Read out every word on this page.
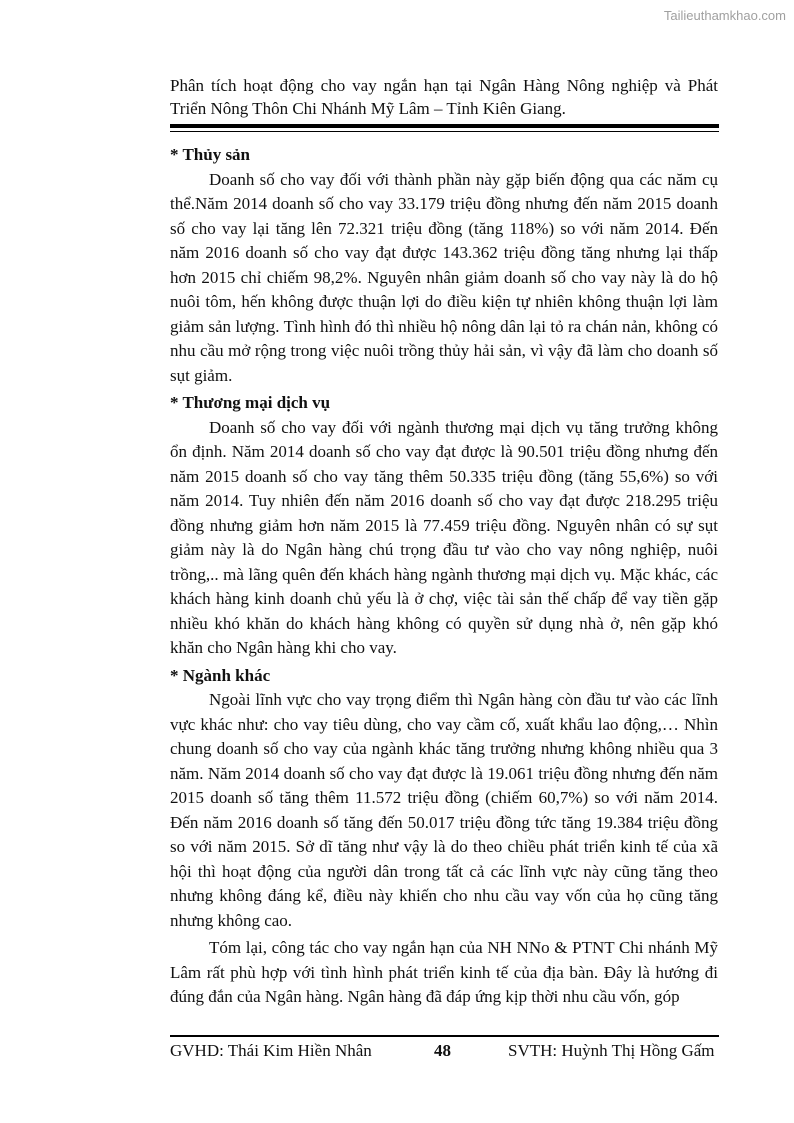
Tailieuthamkhao.com
Phân tích hoạt động cho vay ngắn hạn tại Ngân Hàng Nông nghiệp và Phát Triển Nông Thôn Chi Nhánh Mỹ Lâm – Tỉnh Kiên Giang.
* Thủy sản

Doanh số cho vay đối với thành phần này gặp biến động qua các năm cụ thể.Năm 2014 doanh số cho vay 33.179 triệu đồng nhưng đến năm 2015 doanh số cho vay lại tăng lên 72.321 triệu đồng (tăng 118%) so với năm 2014. Đến năm 2016 doanh số cho vay đạt được 143.362 triệu đồng tăng nhưng lại thấp hơn 2015 chỉ chiếm 98,2%. Nguyên nhân giảm doanh số cho vay này là do hộ nuôi tôm, hến không được thuận lợi do điều kiện tự nhiên không thuận lợi làm giảm sản lượng. Tình hình đó thì nhiều hộ nông dân lại tỏ ra chán nản, không có nhu cầu mở rộng trong việc nuôi trồng thủy hải sản, vì vậy đã làm cho doanh số sụt giảm.

* Thương mại dịch vụ

Doanh số cho vay đối với ngành thương mại dịch vụ tăng trưởng không ổn định. Năm 2014 doanh số cho vay đạt được là 90.501 triệu đồng nhưng đến năm 2015 doanh số cho vay tăng thêm 50.335 triệu đồng (tăng 55,6%) so với năm 2014. Tuy nhiên đến năm 2016 doanh số cho vay đạt được 218.295 triệu đồng nhưng giảm hơn năm 2015 là 77.459 triệu đồng. Nguyên nhân có sự sụt giảm này là do Ngân hàng chú trọng đầu tư vào cho vay nông nghiệp, nuôi trồng,.. mà lãng quên đến khách hàng ngành thương mại dịch vụ. Mặc khác, các khách hàng kinh doanh chủ yếu là ở chợ, việc tài sản thế chấp để vay tiền gặp nhiều khó khăn do khách hàng không có quyền sử dụng nhà ở, nên gặp khó khăn cho Ngân hàng khi cho vay.

* Ngành khác

Ngoài lĩnh vực cho vay trọng điểm thì Ngân hàng còn đầu tư vào các lĩnh vực khác như: cho vay tiêu dùng, cho vay cầm cố, xuất khẩu lao động,… Nhìn chung doanh số cho vay của ngành khác tăng trưởng nhưng không nhiều qua 3 năm. Năm 2014 doanh số cho vay đạt được là 19.061 triệu đồng nhưng đến năm 2015 doanh số tăng thêm 11.572 triệu đồng (chiếm 60,7%) so với năm 2014. Đến năm 2016 doanh số tăng đến 50.017 triệu đồng tức tăng 19.384 triệu đồng so với năm 2015. Sở dĩ tăng như vậy là do theo chiều phát triển kinh tế của xã hội thì hoạt động của người dân trong tất cả các lĩnh vực này cũng tăng theo nhưng không đáng kể, điều này khiến cho nhu cầu vay vốn của họ cũng tăng nhưng không cao.

Tóm lại, công tác cho vay ngắn hạn của NH NNo & PTNT Chi nhánh Mỹ Lâm rất phù hợp với tình hình phát triển kinh tế của địa bàn. Đây là hướng đi đúng đắn của Ngân hàng. Ngân hàng đã đáp ứng kịp thời nhu cầu vốn, góp

GVHD: Thái Kim Hiền Nhân	48	SVTH: Huỳnh Thị Hồng Gấm
